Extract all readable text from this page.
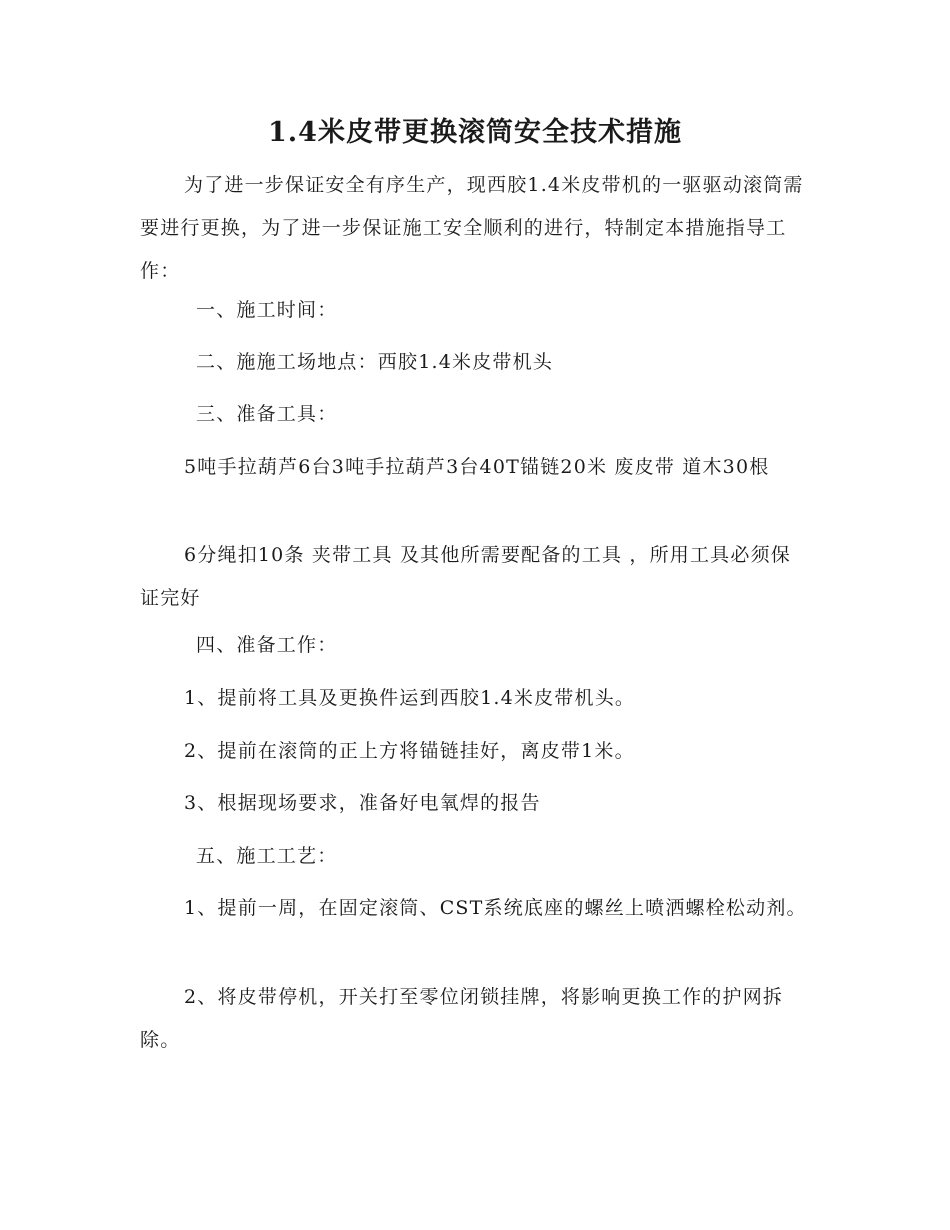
1.4米皮带更换滚筒安全技术措施

为了进一步保证安全有序生产，现西胶1.4米皮带机的一驱驱动滚筒需要进行更换，为了进一步保证施工安全顺利的进行，特制定本措施指导工作：

一、施工时间：

二、施施工场地点：西胶1.4米皮带机头

三、准备工具：

5吨手拉葫芦6台3吨手拉葫芦3台40T锚链20米 废皮带 道木30根

6分绳扣10条 夹带工具 及其他所需要配备的工具 ，所用工具必须保证完好

四、准备工作：

1、提前将工具及更换件运到西胶1.4米皮带机头。

2、提前在滚筒的正上方将锚链挂好，离皮带1米。

3、根据现场要求，准备好电氧焊的报告

五、施工工艺：

1、提前一周，在固定滚筒、CST系统底座的螺丝上喷洒螺栓松动剂。

2、将皮带停机，开关打至零位闭锁挂牌，将影响更换工作的护网拆除。
